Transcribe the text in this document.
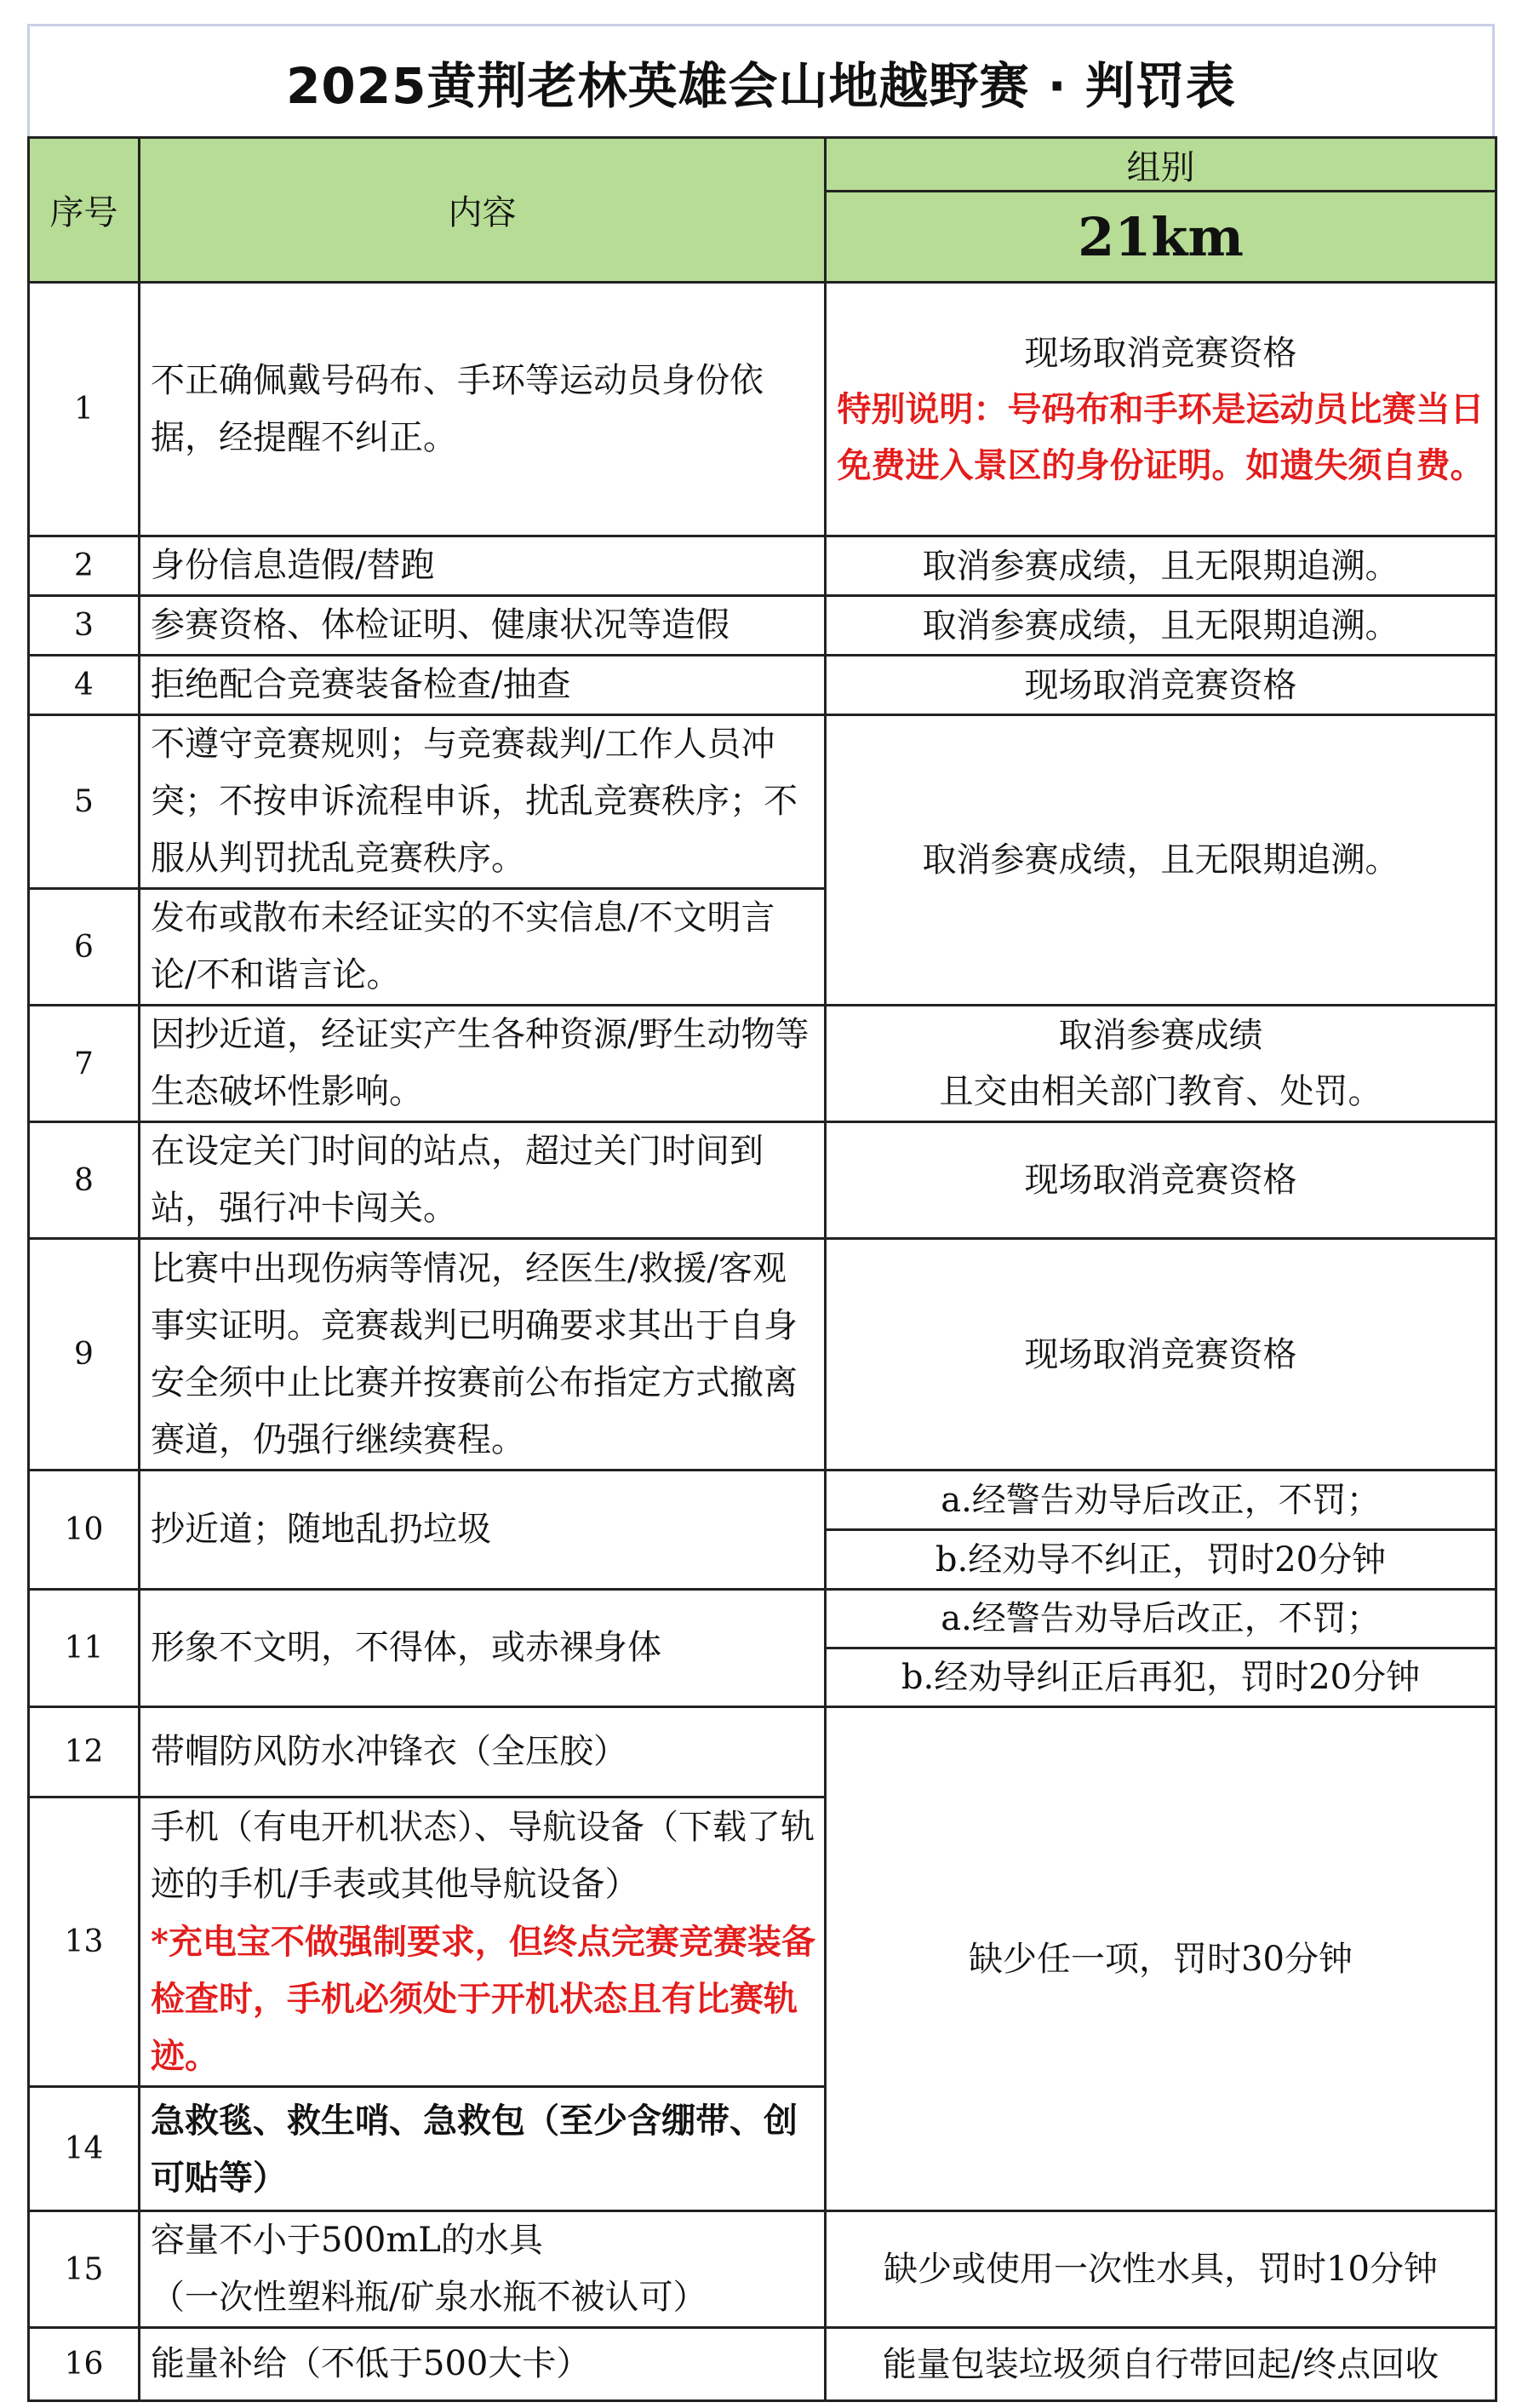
2025黄荆老林英雄会山地越野赛 · 判罚表
序号	内容	组别
		21km
1	不正确佩戴号码布、手环等运动员身份依据，经提醒不纠正。	现场取消竞赛资格
特别说明：号码布和手环是运动员比赛当日免费进入景区的身份证明。如遗失须自费。

2	身份信息造假/替跑	取消参赛成绩，且无限期追溯。
3	参赛资格、体检证明、健康状况等造假	取消参赛成绩，且无限期追溯。
4	拒绝配合竞赛装备检查/抽查	现场取消竞赛资格
5	不遵守竞赛规则；与竞赛裁判/工作人员冲突；不按申诉流程申诉，扰乱竞赛秩序；不服从判罚扰乱竞赛秩序。	取消参赛成绩，且无限期追溯。
6	发布或散布未经证实的不实信息/不文明言论/不和谐言论。	
7	因抄近道，经证实产生各种资源/野生动物等生态破坏性影响。	取消参赛成绩
且交由相关部门教育、处罚。

8	在设定关门时间的站点，超过关门时间到站，强行冲卡闯关。	现场取消竞赛资格
9	比赛中出现伤病等情况，经医生/救援/客观事实证明。竞赛裁判已明确要求其出于自身安全须中止比赛并按赛前公布指定方式撤离赛道，仍强行继续赛程。	现场取消竞赛资格
10	抄近道；随地乱扔垃圾	a.经警告劝导后改正，不罚；
		b.经劝导不纠正，罚时20分钟
11	形象不文明，不得体，或赤裸身体	a.经警告劝导后改正，不罚；
		b.经劝导纠正后再犯，罚时20分钟
12	带帽防风防水冲锋衣（全压胶）	缺少任一项，罚时30分钟
13	手机（有电开机状态）、导航设备（下载了轨迹的手机/手表或其他导航设备）
*充电宝不做强制要求，但终点完赛竞赛装备检查时，手机必须处于开机状态且有比赛轨迹。	

14	急救毯、救生哨、急救包（至少含绷带、创可贴等）	
15	容量不小于500mL的水具
（一次性塑料瓶/矿泉水瓶不被认可）	缺少或使用一次性水具，罚时10分钟
16	能量补给（不低于500大卡）	能量包装垃圾须自行带回起/终点回收
